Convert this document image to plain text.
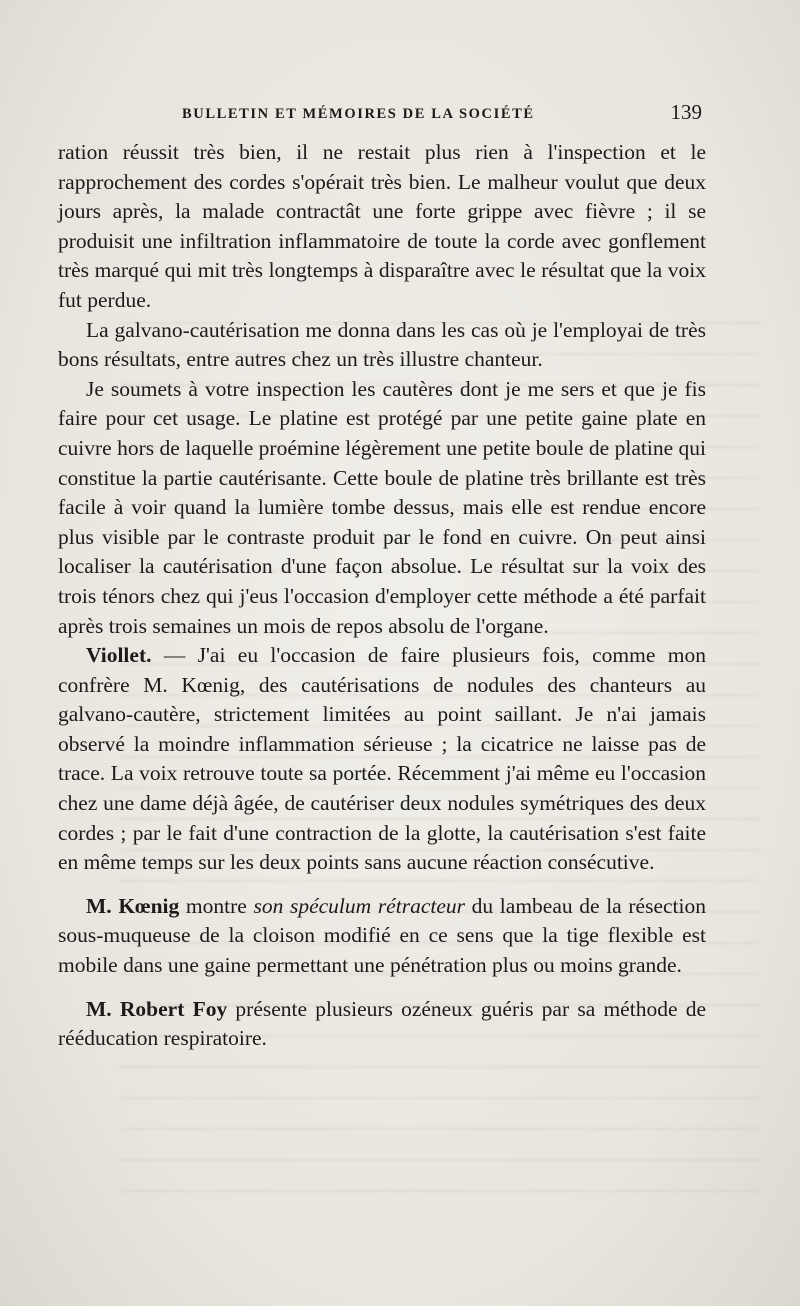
BULLETIN ET MÉMOIRES DE LA SOCIÉTÉ	139

ration réussit très bien, il ne restait plus rien à l'inspection et le rapprochement des cordes s'opérait très bien. Le malheur voulut que deux jours après, la malade contractât une forte grippe avec fièvre ; il se produisit une infiltration inflammatoire de toute la corde avec gonflement très marqué qui mit très longtemps à disparaître avec le résultat que la voix fut perdue.

La galvano-cautérisation me donna dans les cas où je l'employai de très bons résultats, entre autres chez un très illustre chanteur.

Je soumets à votre inspection les cautères dont je me sers et que je fis faire pour cet usage. Le platine est protégé par une petite gaine plate en cuivre hors de laquelle proémine légèrement une petite boule de platine qui constitue la partie cautérisante. Cette boule de platine très brillante est très facile à voir quand la lumière tombe dessus, mais elle est rendue encore plus visible par le contraste produit par le fond en cuivre. On peut ainsi localiser la cautérisation d'une façon absolue. Le résultat sur la voix des trois ténors chez qui j'eus l'occasion d'employer cette méthode a été parfait après trois semaines un mois de repos absolu de l'organe.

Viollet. — J'ai eu l'occasion de faire plusieurs fois, comme mon confrère M. Kœnig, des cautérisations de nodules des chanteurs au galvano-cautère, strictement limitées au point saillant. Je n'ai jamais observé la moindre inflammation sérieuse ; la cicatrice ne laisse pas de trace. La voix retrouve toute sa portée. Récemment j'ai même eu l'occasion chez une dame déjà âgée, de cautériser deux nodules symétriques des deux cordes ; par le fait d'une contraction de la glotte, la cautérisation s'est faite en même temps sur les deux points sans aucune réaction consécutive.

M. Kœnig montre son spéculum rétracteur du lambeau de la résection sous-muqueuse de la cloison modifié en ce sens que la tige flexible est mobile dans une gaine permettant une pénétration plus ou moins grande.

M. Robert Foy présente plusieurs ozéneux guéris par sa méthode de rééducation respiratoire.
